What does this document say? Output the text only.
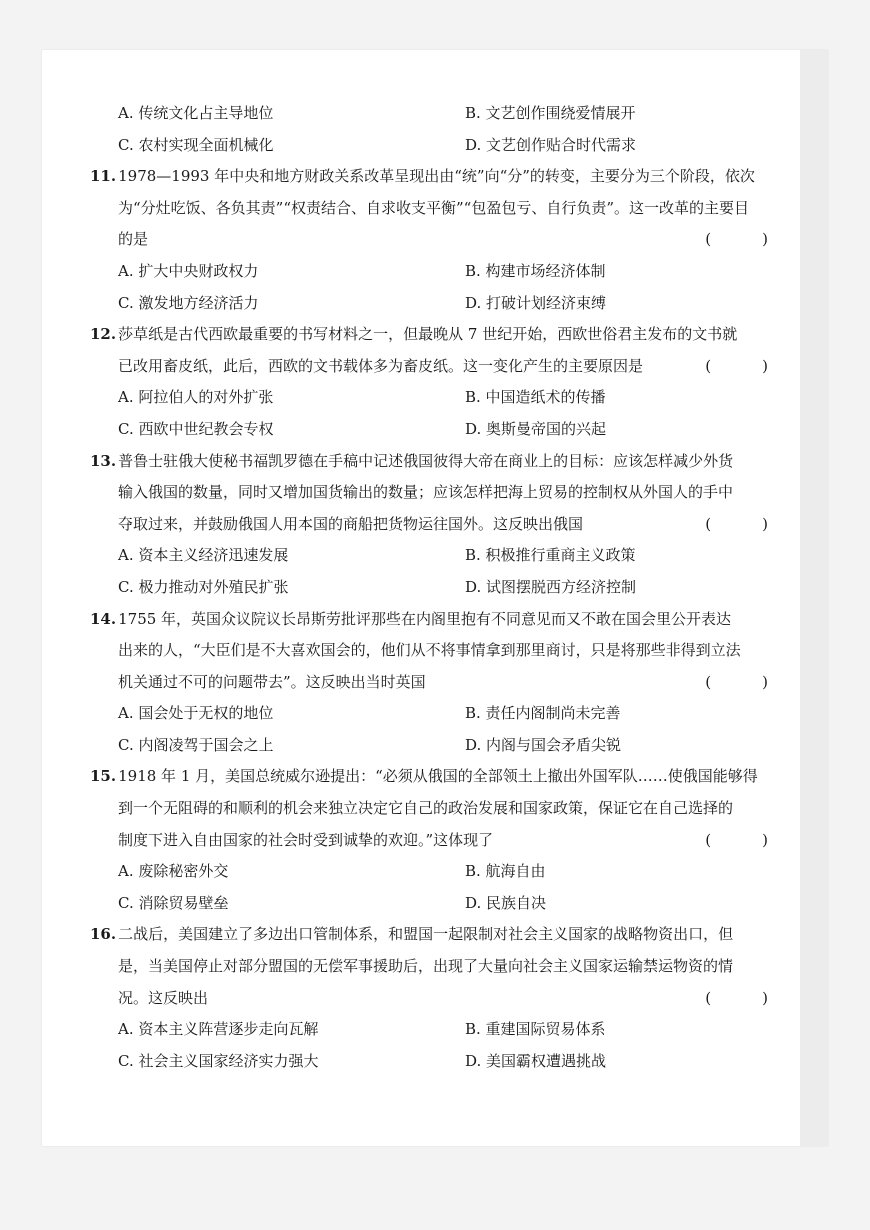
A. 传统文化占主导地位	B. 文艺创作围绕爱情展开
C. 农村实现全面机械化	D. 文艺创作贴合时代需求
11. 1978—1993 年中央和地方财政关系改革呈现出由“统”向“分”的转变，主要分为三个阶段，依次
为“分灶吃饭、各负其责”“权责结合、自求收支平衡”“包盈包亏、自行负责”。这一改革的主要目
的是	(　)
A. 扩大中央财政权力	B. 构建市场经济体制
C. 激发地方经济活力	D. 打破计划经济束缚
12. 莎草纸是古代西欧最重要的书写材料之一，但最晚从 7 世纪开始，西欧世俗君主发布的文书就
已改用畜皮纸，此后，西欧的文书载体多为畜皮纸。这一变化产生的主要原因是	(　)
A. 阿拉伯人的对外扩张	B. 中国造纸术的传播
C. 西欧中世纪教会专权	D. 奥斯曼帝国的兴起
13. 普鲁士驻俄大使秘书福凯罗德在手稿中记述俄国彼得大帝在商业上的目标：应该怎样减少外货
输入俄国的数量，同时又增加国货输出的数量；应该怎样把海上贸易的控制权从外国人的手中
夺取过来，并鼓励俄国人用本国的商船把货物运往国外。这反映出俄国	(　)
A. 资本主义经济迅速发展	B. 积极推行重商主义政策
C. 极力推动对外殖民扩张	D. 试图摆脱西方经济控制
14. 1755 年，英国众议院议长昂斯劳批评那些在内阁里抱有不同意见而又不敢在国会里公开表达
出来的人，“大臣们是不大喜欢国会的，他们从不将事情拿到那里商讨，只是将那些非得到立法
机关通过不可的问题带去”。这反映出当时英国	(　)
A. 国会处于无权的地位	B. 责任内阁制尚未完善
C. 内阁凌驾于国会之上	D. 内阁与国会矛盾尖锐
15. 1918 年 1 月，美国总统威尔逊提出：“必须从俄国的全部领土上撤出外国军队……使俄国能够得
到一个无阻碍的和顺利的机会来独立决定它自己的政治发展和国家政策，保证它在自己选择的
制度下进入自由国家的社会时受到诚挚的欢迎。”这体现了	(　)
A. 废除秘密外交	B. 航海自由
C. 消除贸易壁垒	D. 民族自决
16. 二战后，美国建立了多边出口管制体系，和盟国一起限制对社会主义国家的战略物资出口，但
是，当美国停止对部分盟国的无偿军事援助后，出现了大量向社会主义国家运输禁运物资的情
况。这反映出	(　)
A. 资本主义阵营逐步走向瓦解	B. 重建国际贸易体系
C. 社会主义国家经济实力强大	D. 美国霸权遭遇挑战
